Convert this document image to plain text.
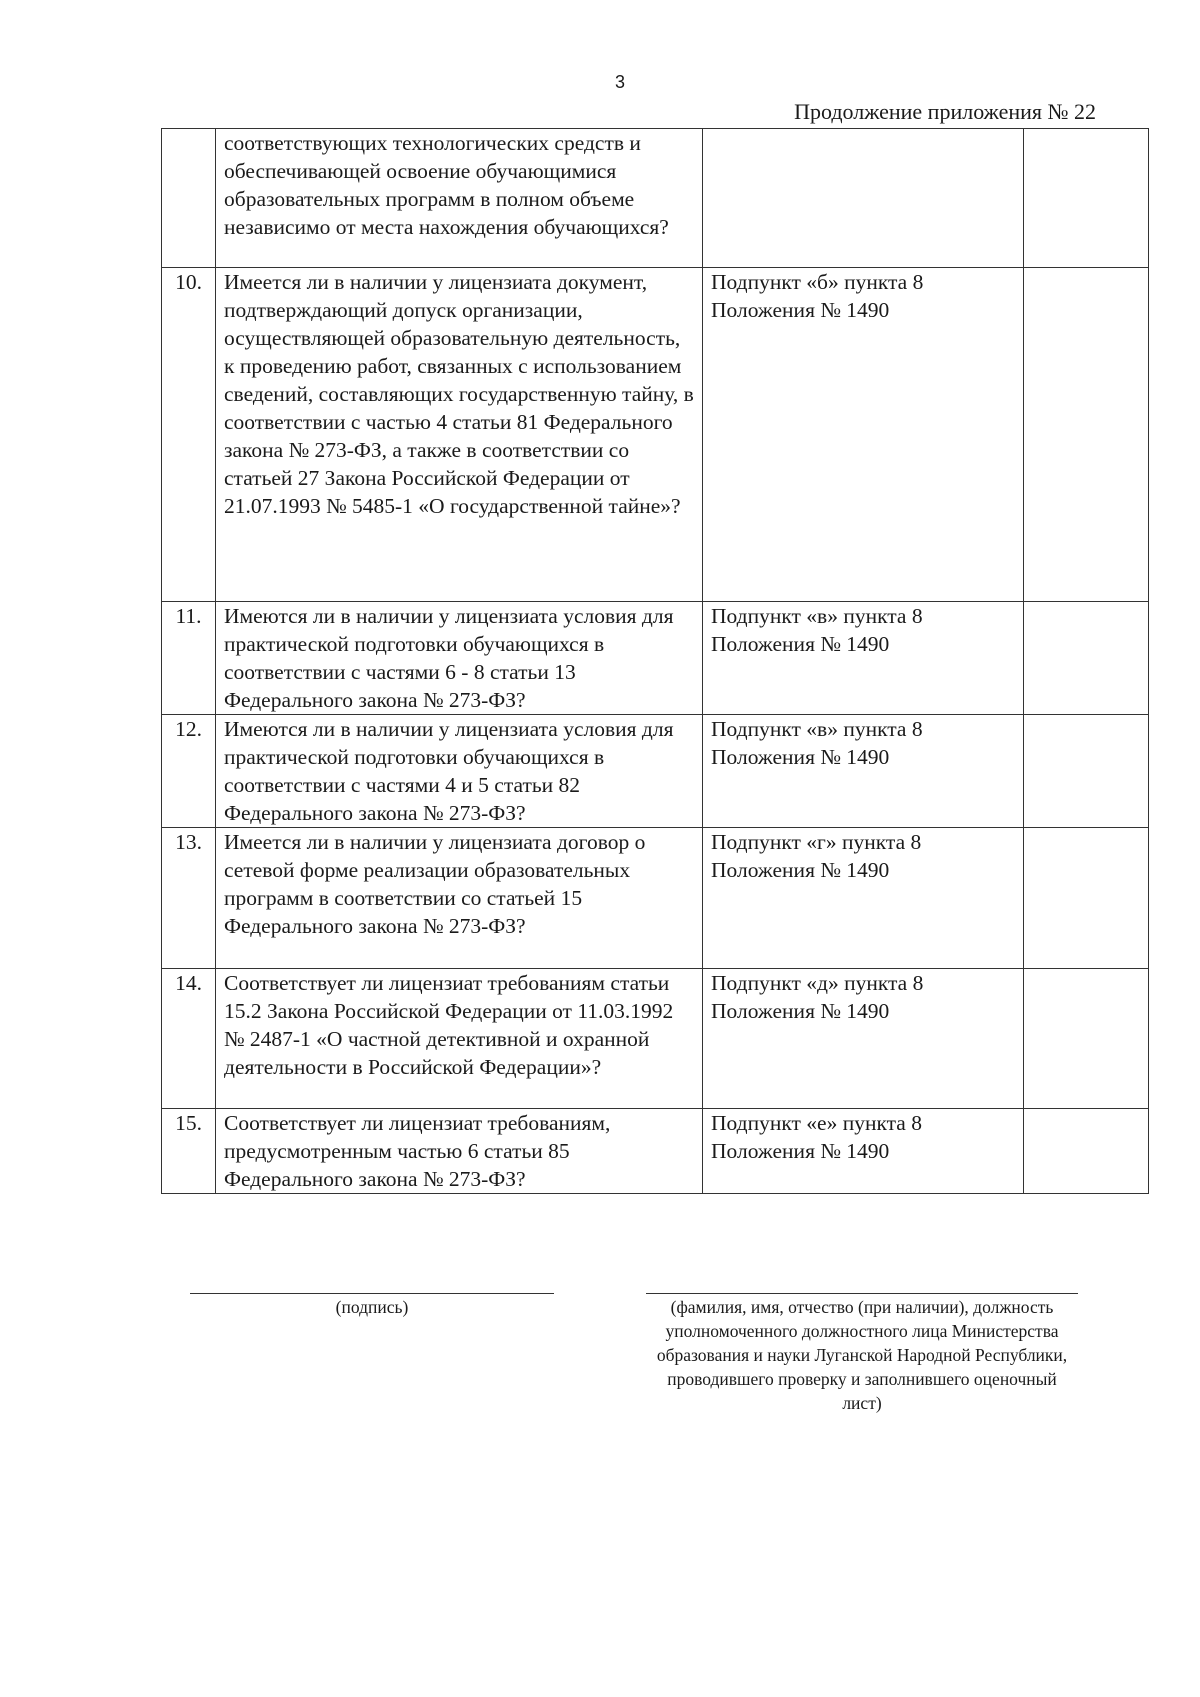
3
Продолжение приложения № 22
	соответствующих технологических средств и обеспечивающей освоение обучающимися образовательных программ в полном объеме независимо от места нахождения обучающихся?		
10.	Имеется ли в наличии у лицензиата документ, подтверждающий допуск организации, осуществляющей образовательную деятельность, к проведению работ, связанных с использованием сведений, составляющих государственную тайну, в соответствии с частью 4 статьи 81 Федерального закона № 273-ФЗ, а также в соответствии со статьей 27 Закона Российской Федерации от 21.07.1993 № 5485-1 «О государственной тайне»?	Подпункт «б» пункта 8 Положения № 1490	
11.	Имеются ли в наличии у лицензиата условия для практической подготовки обучающихся в соответствии с частями 6 - 8 статьи 13 Федерального закона № 273-ФЗ?	Подпункт «в» пункта 8 Положения № 1490	
12.	Имеются ли в наличии у лицензиата условия для практической подготовки обучающихся в соответствии с частями 4 и 5 статьи 82 Федерального закона № 273-ФЗ?	Подпункт «в» пункта 8 Положения № 1490	
13.	Имеется ли в наличии у лицензиата договор о сетевой форме реализации образовательных программ в соответствии со статьей 15 Федерального закона № 273-ФЗ?	Подпункт «г» пункта 8 Положения № 1490	
14.	Соответствует ли лицензиат требованиям статьи 15.2 Закона Российской Федерации от 11.03.1992 № 2487-1 «О частной детективной и охранной деятельности в Российской Федерации»?	Подпункт «д» пункта 8 Положения № 1490	
15.	Соответствует ли лицензиат требованиям, предусмотренным частью 6 статьи 85 Федерального закона № 273-ФЗ?	Подпункт «е» пункта 8 Положения № 1490	
(подпись)	(фамилия, имя, отчество (при наличии), должность уполномоченного должностного лица Министерства образования и науки Луганской Народной Республики, проводившего проверку и заполнившего оценочный лист)
